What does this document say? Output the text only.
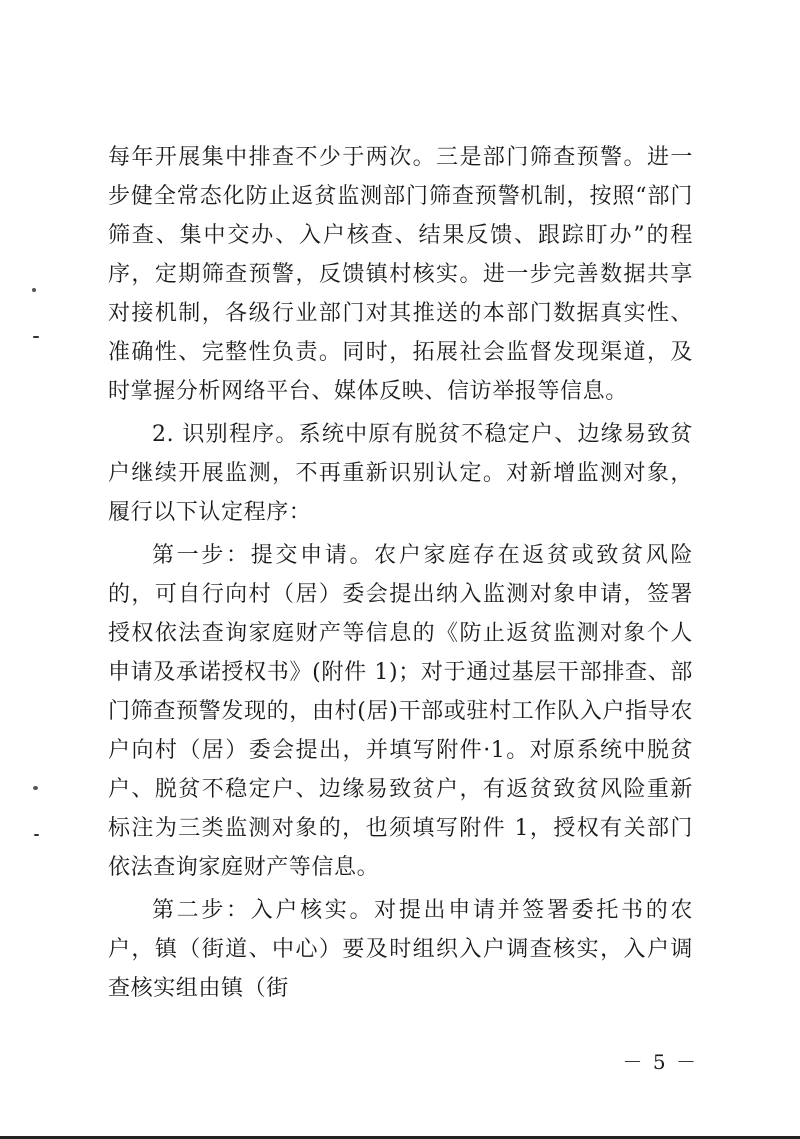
每年开展集中排查不少于两次。三是部门筛查预警。进一步健全常态化防止返贫监测部门筛查预警机制，按照“部门筛查、集中交办、入户核查、结果反馈、跟踪盯办”的程序，定期筛查预警，反馈镇村核实。进一步完善数据共享对接机制，各级行业部门对其推送的本部门数据真实性、准确性、完整性负责。同时，拓展社会监督发现渠道，及时掌握分析网络平台、媒体反映、信访举报等信息。

2. 识别程序。系统中原有脱贫不稳定户、边缘易致贫户继续开展监测，不再重新识别认定。对新增监测对象，履行以下认定程序：

第一步：提交申请。农户家庭存在返贫或致贫风险的，可自行向村（居）委会提出纳入监测对象申请，签署授权依法查询家庭财产等信息的《防止返贫监测对象个人申请及承诺授权书》(附件 1)；对于通过基层干部排查、部门筛查预警发现的，由村(居)干部或驻村工作队入户指导农户向村（居）委会提出，并填写附件·1。对原系统中脱贫户、脱贫不稳定户、边缘易致贫户，有返贫致贫风险重新标注为三类监测对象的，也须填写附件 1，授权有关部门依法查询家庭财产等信息。

第二步：入户核实。对提出申请并签署委托书的农户，镇（街道、中心）要及时组织入户调查核实，入户调查核实组由镇（街

－ 5 －
